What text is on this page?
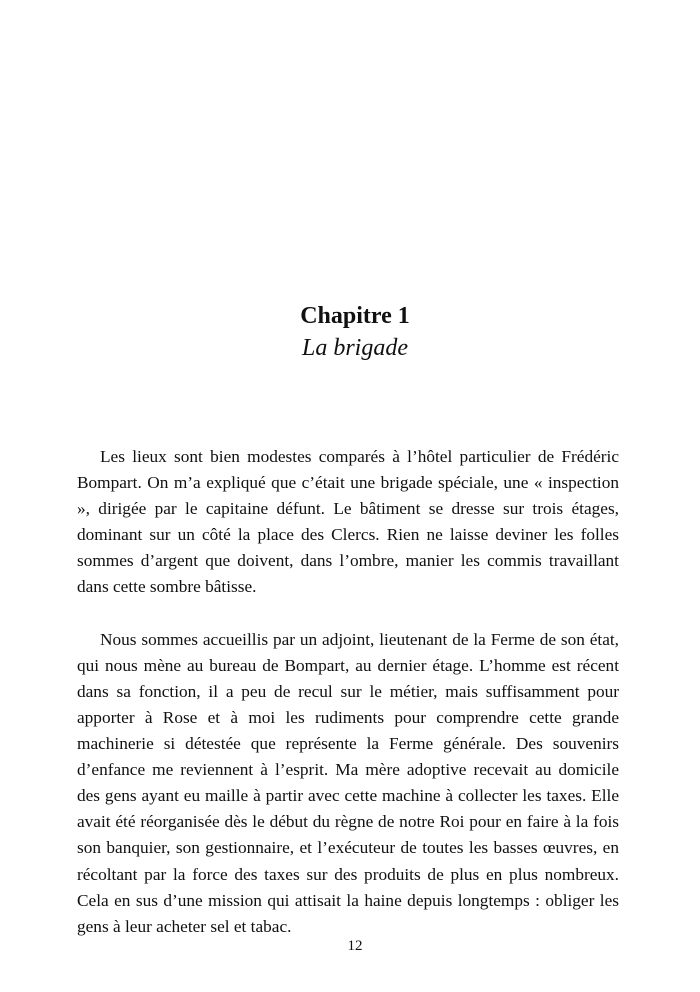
Chapitre 1

La brigade

Les lieux sont bien modestes comparés à l’hôtel particulier de Frédéric Bompart. On m’a expliqué que c’était une brigade spéciale, une « inspection », dirigée par le capitaine défunt. Le bâtiment se dresse sur trois étages, dominant sur un côté la place des Clercs. Rien ne laisse deviner les folles sommes d’argent que doivent, dans l’ombre, manier les commis travaillant dans cette sombre bâtisse.

Nous sommes accueillis par un adjoint, lieutenant de la Ferme de son état, qui nous mène au bureau de Bompart, au dernier étage. L’homme est récent dans sa fonction, il a peu de recul sur le métier, mais suffisamment pour apporter à Rose et à moi les rudiments pour comprendre cette grande machinerie si détestée que représente la Ferme générale. Des souvenirs d’enfance me reviennent à l’esprit. Ma mère adoptive recevait au domicile des gens ayant eu maille à partir avec cette machine à collecter les taxes. Elle avait été réorganisée dès le début du règne de notre Roi pour en faire à la fois son banquier, son gestionnaire, et l’exécuteur de toutes les basses œuvres, en récoltant par la force des taxes sur des produits de plus en plus nombreux. Cela en sus d’une mission qui attisait la haine depuis longtemps : obliger les gens à leur acheter sel et tabac.

12
